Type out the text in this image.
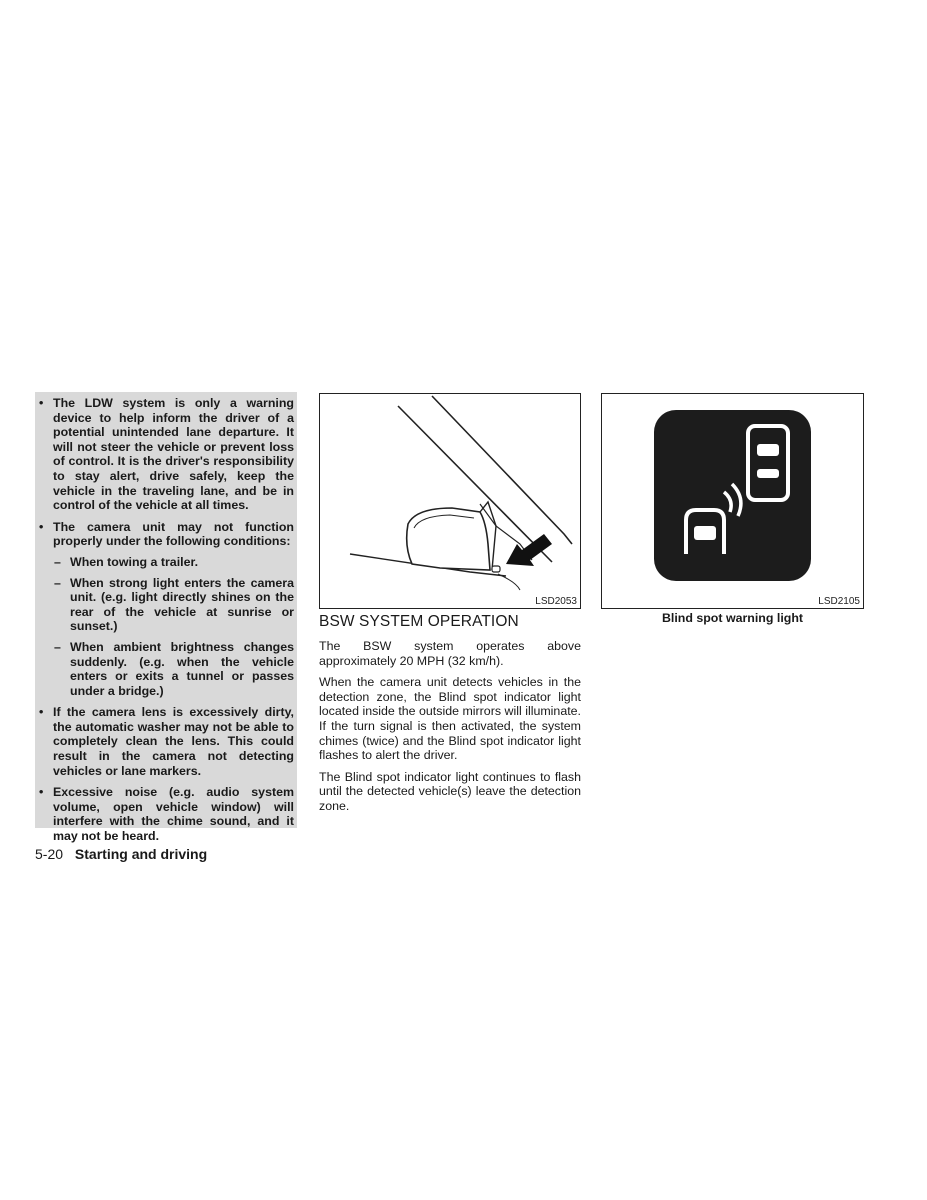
• The LDW system is only a warning device to help inform the driver of a potential unintended lane departure. It will not steer the vehicle or prevent loss of control. It is the driver's responsibility to stay alert, drive safely, keep the vehicle in the traveling lane, and be in control of the vehicle at all times.
• The camera unit may not function properly under the following conditions:
– When towing a trailer.
– When strong light enters the camera unit. (e.g. light directly shines on the rear of the vehicle at sunrise or sunset.)
– When ambient brightness changes suddenly. (e.g. when the vehicle enters or exits a tunnel or passes under a bridge.)
• If the camera lens is excessively dirty, the automatic washer may not be able to completely clean the lens. This could result in the camera not detecting vehicles or lane markers.
• Excessive noise (e.g. audio system volume, open vehicle window) will interfere with the chime sound, and it may not be heard.
LSD2053	LSD2105
Blind spot warning light
BSW SYSTEM OPERATION

The BSW system operates above approximately 20 MPH (32 km/h).

When the camera unit detects vehicles in the detection zone, the Blind spot indicator light located inside the outside mirrors will illuminate. If the turn signal is then activated, the system chimes (twice) and the Blind spot indicator light flashes to alert the driver.

The Blind spot indicator light continues to flash until the detected vehicle(s) leave the detection zone.

5-20 Starting and driving
